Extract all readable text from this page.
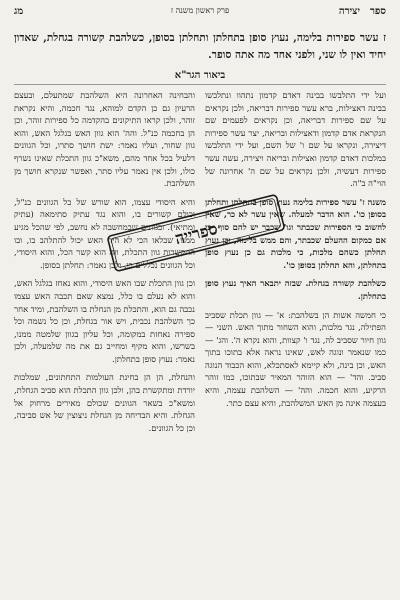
ספר
יצירה
פרק ראשון משנה ז
מג
ז עשר ספירות בלימה, נעוץ סופן בתחלתן ותחלתן בסופן, כשלהבת קשורה בגחלת, שאדון יחיד ואין לו שני, ולפני אחד מה אתה סופר.
ביאור הגר"א

ועל ידי התלבשו בבינה דאדם קדמון נתהוו ונתלבשו בבינה דאצילות, ברא עשר ספירות דבריאה, ולכן נקראים על שם ספירות דבריאה, וכן נקראים לפעמים שם הנקראת אדם קדמון ודאצילות ובריאה, יצר עשר ספירות דיצירה, ונקראו על שם ו' של השם, ועל ידי התלבשו במלכות דאדם קדמון ואצילות ובריאה ויצירה, עשה עשר ספירות דעשיה, ולכן נקראים על שם ה' אחרונה של הוי"ה ב"ה.

משנה ז' עשר ספירות בלימה נעוץ סופן בתחלתן ותחלתן בסופן כו'. הוא הדבר למעלה. שאין עשר לא כר, שאין לחשוב כי הספירות שכבתר וגו' שכבר יש להם סוף, כי אם כמקום ההעלם שכבתר, והם ממש בלימה, וכן נעוץ תחלתן כשהם מלכות, כי מלכות גם כן נעוץ סופן בתחלתן, והא תחלתן בסופן כו'.

כשלהבת קשורה בגחלת. שבזה יתבאר האיך נעוץ סופן בתחלתן.

כי חמשה אשות הן בשלהבת: א' — גוון תכלת שסביב הפתילה, נגד מלכות, והוא השחור מתוך האש. השני — גוון חיור שסביב לה, נגד ו' קצוות, והוא נקרא ה'. והג' — כמו שנאמר ונוגה לאש, שאינו נראה אלא בתוכו בתוך האש, וכן בינה, ולא קיימא לאסתכלא, והוא הכבוד הנוגה סביב. והד' — הוא הזוהר המאיר שבתוכו, כמו זוהר הרקיע, והוא חכמה. והה' — השלהבת עצמה, והיא בעצמה אינה מן האש המשלהבת, והיא עצם כתר.

והבחינה האחרונה היא השלהבת שמתעלם, ובעצם הרעיון גם כן הקדם למוהא, נגד חכמה, והיא נקראת זוהר, ולכן קראו התיקונים בהקדמה כל ספירות זוהר, וכן הן בחכמה כנ"ל. והה' הוא גוון האש בגלגל האש, והוא גוון שחור, ועליו נאמר: ישת חושך סתרו, וכל הגוונים דלעיל בכל אחד מהם, משא"כ גוון התכלת שאינו נשרף כולו, ולכן אין נאמר עליו סתר, ואפשר שנקרא חושך מן השלהבת.

והיא היסודי עצמו, הוא שורש של כל הגוונים כנ"ל, וכולם קשורים בו, והוא נגד עתיק סתימאה (עתיק ומתיאי). ובגוונים שבמחשבה לא נחשב, לפי שהכל מגיע ממנו, שבלאו הכי לא היה האש יכול להתלהב בו, ובו התקשרות גוון התכלת, וזה הוא קשר הכל, והוא היסודי, וכל הגוונים נכללים בו, ולכן נאמר: תחלתן בסופן.

וכן גוון התכלת שבו האש היסודי, והוא נאחז בגלגל האש, והוא לא נעלם בו כלל, נמצא שאם תכבה האש עצמו נכבה גם הוא, והתכלת מן הנחלת בו השלהבת, ומיד אחר כך השלהבת נכבית, ויש אור בגחלת, וכן כל נשמה וכל ספירה נאחזת במקומה, וכל עליון בגוון שלמטה ממנו, בשרשו, והוא מקיף ומחייב גם את מה שלמעלה, ולכן נאמר: נעוץ סופן בתחלתן.

והנחלת, הן הן בחינת העולמות התחתונים, שמלכות יורדת ומתקשרת בהן, ולכן גוון התכלת הוא סביב הגחלת, ומשא"כ בשאר הגוונים שכולם מאירים מרחוק אל הגחלת. והיא הבדיחה מן הגחלת ניצוצין של אש סביבה, וכן כל הגוונים.

ספרייה
